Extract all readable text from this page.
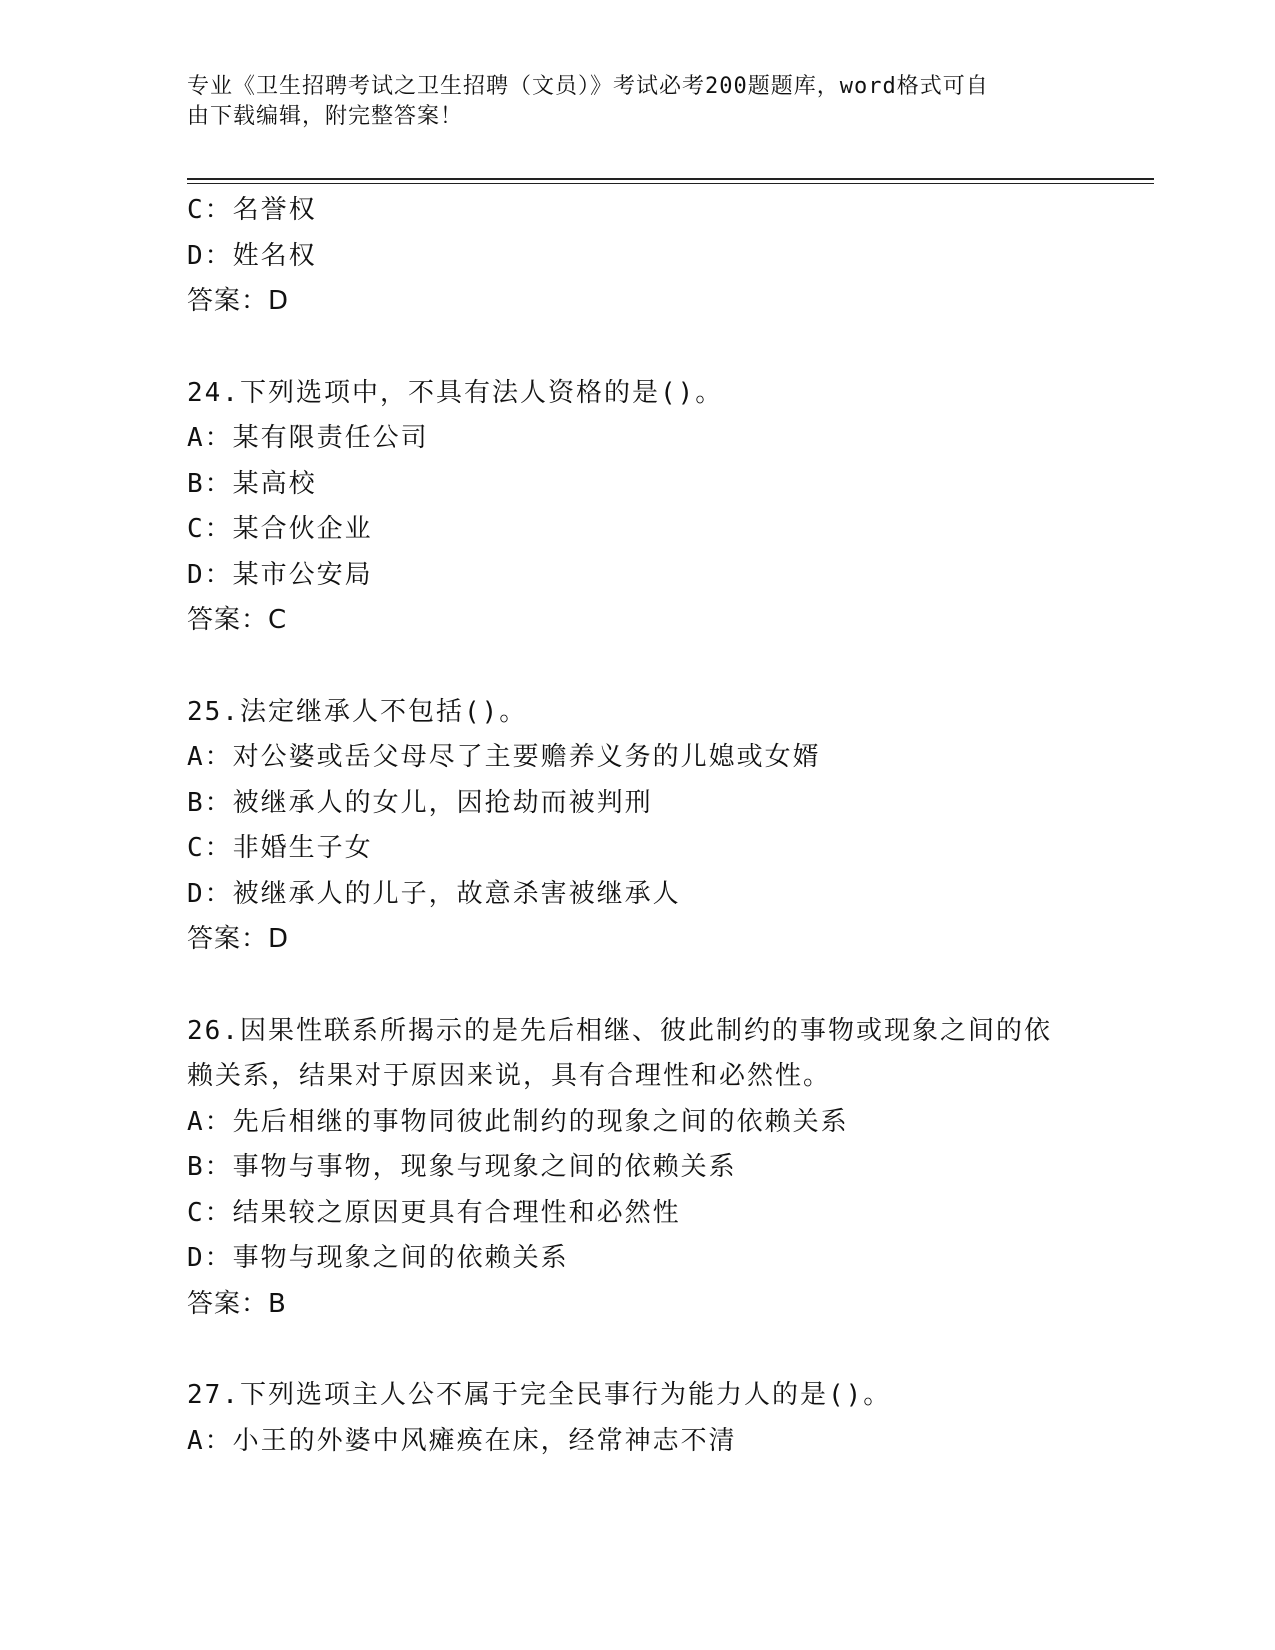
专业《卫生招聘考试之卫生招聘（文员）》考试必考200题题库，word格式可自
由下载编辑，附完整答案！
C：名誉权
D：姓名权
答案：D
24.下列选项中，不具有法人资格的是()。
A：某有限责任公司
B：某高校
C：某合伙企业
D：某市公安局
答案：C
25.法定继承人不包括()。
A：对公婆或岳父母尽了主要赡养义务的儿媳或女婿
B：被继承人的女儿，因抢劫而被判刑
C：非婚生子女
D：被继承人的儿子，故意杀害被继承人
答案：D
26.因果性联系所揭示的是先后相继、彼此制约的事物或现象之间的依赖关系，结果对于原因来说，具有合理性和必然性。
A：先后相继的事物同彼此制约的现象之间的依赖关系
B：事物与事物，现象与现象之间的依赖关系
C：结果较之原因更具有合理性和必然性
D：事物与现象之间的依赖关系
答案：B
27.下列选项主人公不属于完全民事行为能力人的是()。
A：小王的外婆中风瘫痪在床，经常神志不清
